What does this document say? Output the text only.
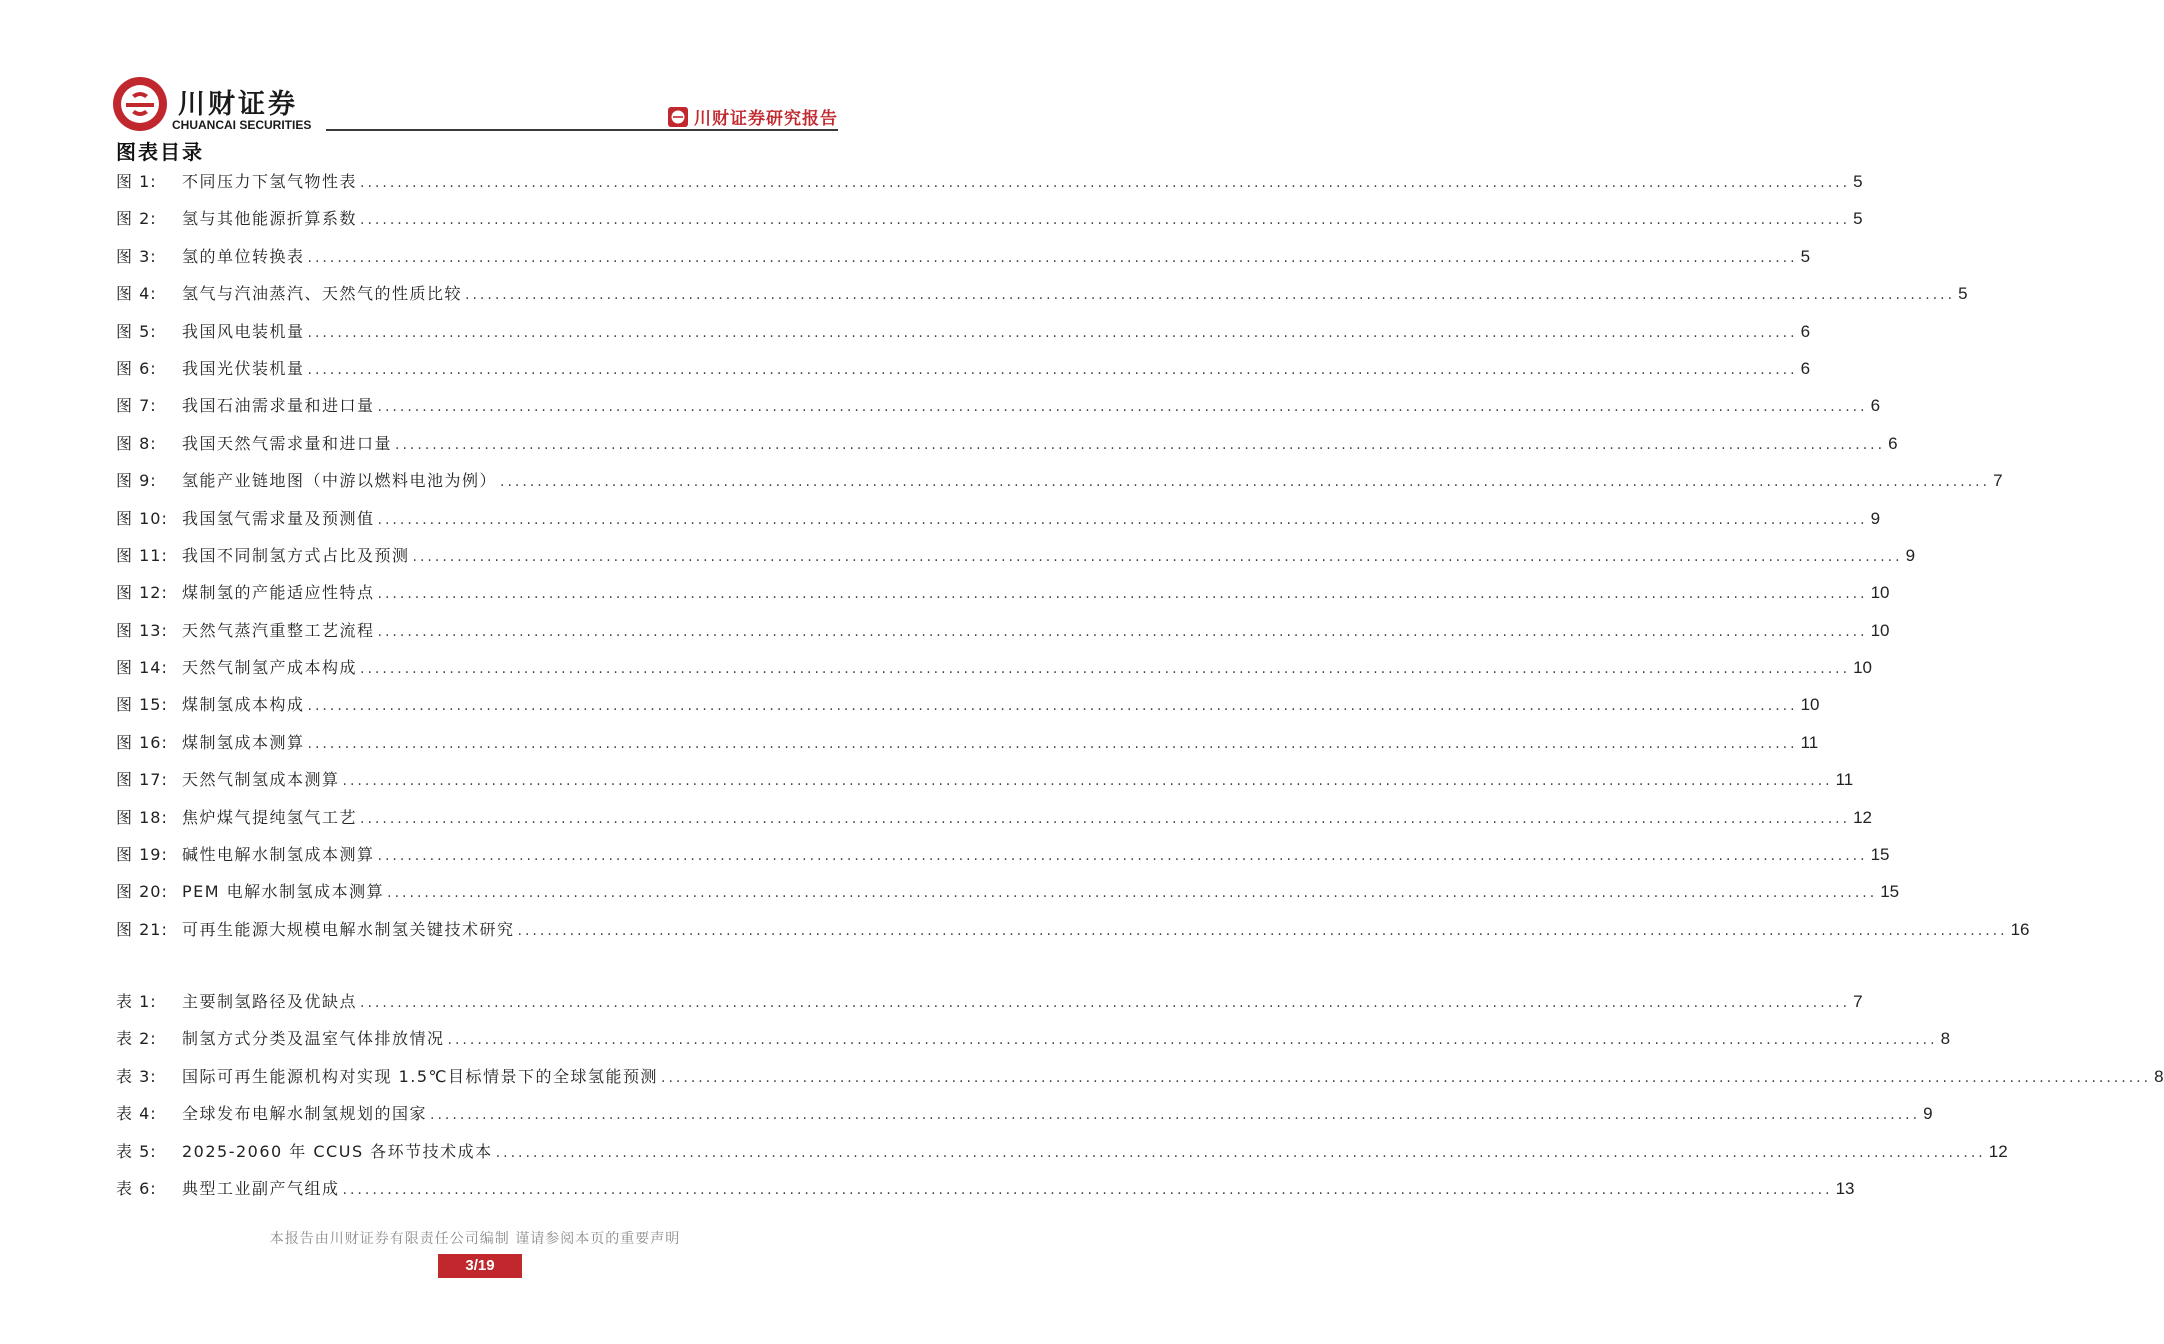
川财证券
CHUANCAI SECURITIES	川财证券研究报告
图表目录
图 1:	不同压力下氢气物性表 ........................................................................................................................................................................................................ 5
图 2:	氢与其他能源折算系数 ........................................................................................................................................................................................................ 5
图 3:	氢的单位转换表 ........................................................................................................................................................................................................ 5
图 4:	氢气与汽油蒸汽、天然气的性质比较 ........................................................................................................................................................................................................ 5
图 5:	我国风电装机量 ........................................................................................................................................................................................................ 6
图 6:	我国光伏装机量 ........................................................................................................................................................................................................ 6
图 7:	我国石油需求量和进口量 ........................................................................................................................................................................................................ 6
图 8:	我国天然气需求量和进口量 ........................................................................................................................................................................................................ 6
图 9:	氢能产业链地图（中游以燃料电池为例） ........................................................................................................................................................................................................ 7
图 10: 我国氢气需求量及预测值 ........................................................................................................................................................................................................ 9
图 11: 我国不同制氢方式占比及预测 ........................................................................................................................................................................................................ 9
图 12: 煤制氢的产能适应性特点 ........................................................................................................................................................................................................ 10
图 13: 天然气蒸汽重整工艺流程 ........................................................................................................................................................................................................ 10
图 14: 天然气制氢产成本构成 ........................................................................................................................................................................................................ 10
图 15: 煤制氢成本构成 ........................................................................................................................................................................................................ 10
图 16: 煤制氢成本测算 ........................................................................................................................................................................................................ 11
图 17: 天然气制氢成本测算 ........................................................................................................................................................................................................ 11
图 18: 焦炉煤气提纯氢气工艺 ........................................................................................................................................................................................................ 12
图 19: 碱性电解水制氢成本测算 ........................................................................................................................................................................................................ 15
图 20: PEM 电解水制氢成本测算 ........................................................................................................................................................................................................ 15
图 21: 可再生能源大规模电解水制氢关键技术研究 ........................................................................................................................................................................................................ 16
表 1:	主要制氢路径及优缺点 ........................................................................................................................................................................................................ 7
表 2:	制氢方式分类及温室气体排放情况 ........................................................................................................................................................................................................ 8
表 3:	国际可再生能源机构对实现 1.5℃目标情景下的全球氢能预测 ........................................................................................................................................................................................................ 8
表 4:	全球发布电解水制氢规划的国家 ........................................................................................................................................................................................................ 9
表 5:	2025-2060 年 CCUS 各环节技术成本 ........................................................................................................................................................................................................ 12
表 6:	典型工业副产气组成 ........................................................................................................................................................................................................ 13
本报告由川财证券有限责任公司编制 谨请参阅本页的重要声明
3/19
